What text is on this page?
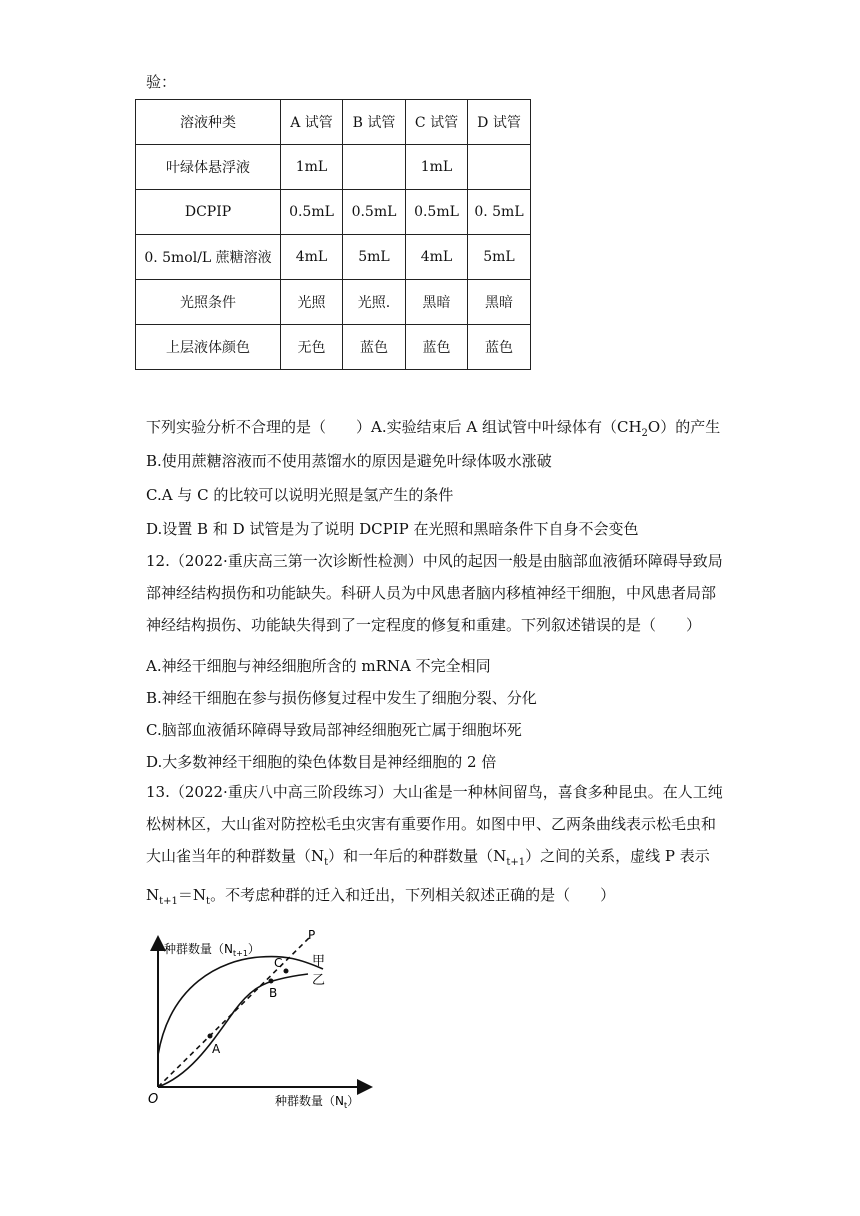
验：
溶液种类	A 试管	B 试管	C 试管	D 试管
叶绿体悬浮液	1mL		1mL	
DCPIP	0.5mL	0.5mL	0.5mL	0. 5mL
0. 5mol/L 蔗糖溶液	4mL	5mL	4mL	5mL
光照条件	光照	光照.	黑暗	黑暗
上层液体颜色	无色	蓝色	蓝色	蓝色
下列实验分析不合理的是（　　）A.实验结束后 A 组试管中叶绿体有$(CH_2O)$的产生
B.使用蔗糖溶液而不使用蒸馏水的原因是避免叶绿体吸水涨破
C.A 与 C 的比较可以说明光照是氢产生的条件
D.设置 B 和 D 试管是为了说明 DCPIP 在光照和黑暗条件下自身不会变色
12.（2022·重庆高三第一次诊断性检测）中风的起因一般是由脑部血液循环障碍导致局部神经结构损伤和功能缺失。科研人员为中风患者脑内移植神经干细胞，中风患者局部神经结构损伤、功能缺失得到了一定程度的修复和重建。下列叙述错误的是（　　）
A.神经干细胞与神经细胞所含的 mRNA 不完全相同
B.神经干细胞在参与损伤修复过程中发生了细胞分裂、分化
C.脑部血液循环障碍导致局部神经细胞死亡属于细胞坏死
D.大多数神经干细胞的染色体数目是神经细胞的 2 倍
13.（2022·重庆八中高三阶段练习）大山雀是一种林间留鸟，喜食多种昆虫。在人工纯松树林区，大山雀对防控松毛虫灾害有重要作用。如图中甲、乙两条曲线表示松毛虫和大山雀当年的种群数量$(N_t)$和一年后的种群数量$(N_{t+1})$之间的关系，虚线 P 表示 $N_{t+1}=N_t$。不考虑种群的迁入和迁出，下列相关叙述正确的是（　　）
种群数量$(N_{t+1})$
种群数量$(N_t)$
O
P
甲
乙
A
B
C
